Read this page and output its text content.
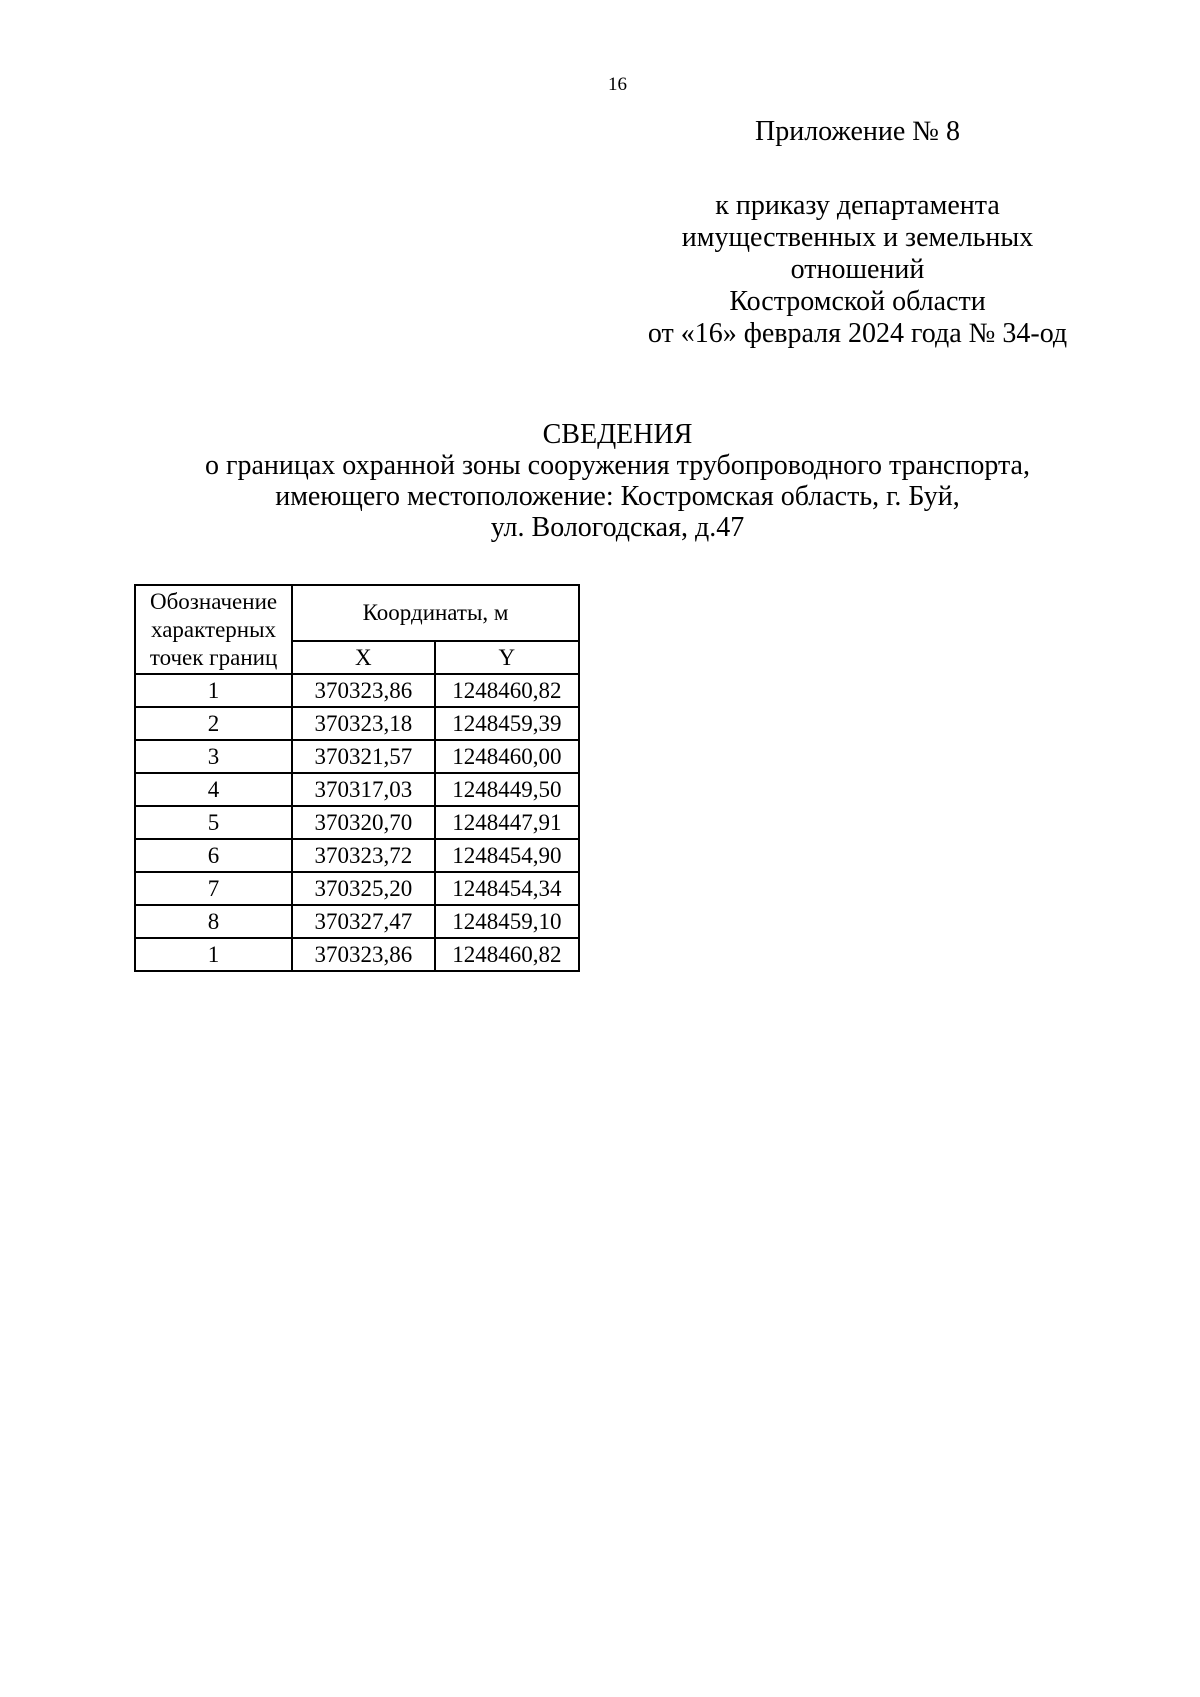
16
Приложение № 8
к приказу департамента
имущественных и земельных
отношений
Костромской области
от «16» февраля 2024 года № 34-од
СВЕДЕНИЯ
о границах охранной зоны сооружения трубопроводного транспорта,
имеющего местоположение: Костромская область, г. Буй,
ул. Вологодская, д.47
Обозначение
характерных
точек границ	Координаты, м	
	X	Y
1	370323,86	1248460,82
2	370323,18	1248459,39
3	370321,57	1248460,00
4	370317,03	1248449,50
5	370320,70	1248447,91
6	370323,72	1248454,90
7	370325,20	1248454,34
8	370327,47	1248459,10
1	370323,86	1248460,82
